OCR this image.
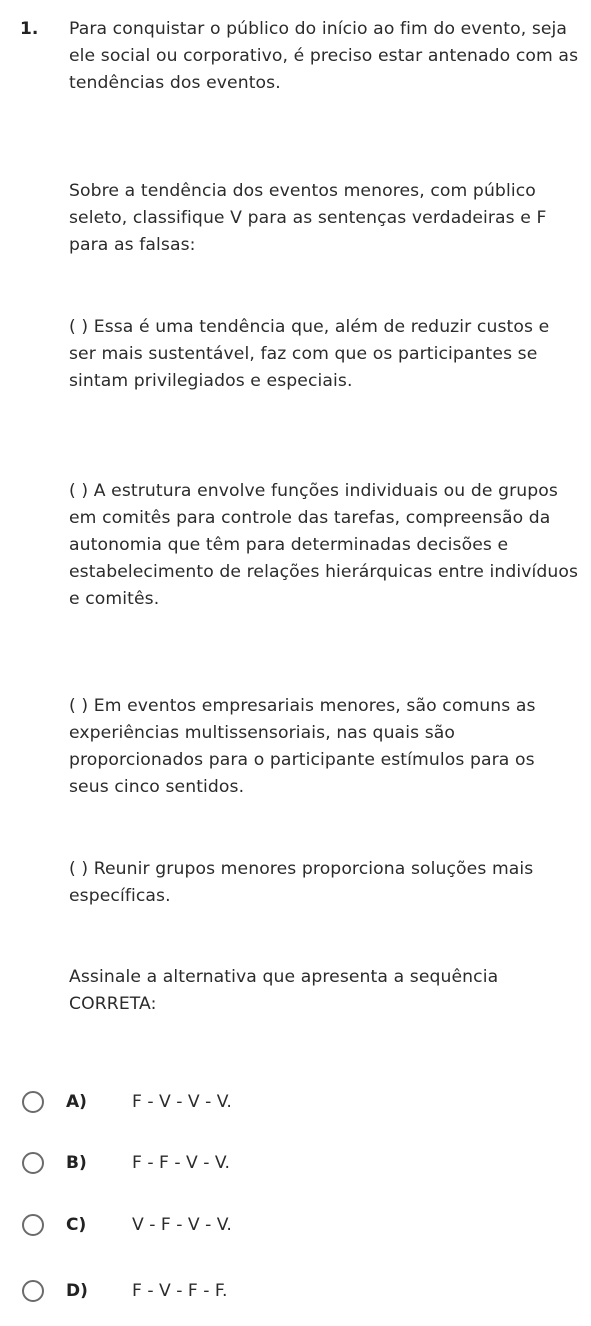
1. Para conquistar o público do início ao fim do evento, seja ele social ou corporativo, é preciso estar antenado com as tendências dos eventos.

Sobre a tendência dos eventos menores, com público seleto, classifique V para as sentenças verdadeiras e F para as falsas:

( ) Essa é uma tendência que, além de reduzir custos e ser mais sustentável, faz com que os participantes se sintam privilegiados e especiais.

( ) A estrutura envolve funções individuais ou de grupos em comitês para controle das tarefas, compreensão da autonomia que têm para determinadas decisões e estabelecimento de relações hierárquicas entre indivíduos e comitês.

( ) Em eventos empresariais menores, são comuns as experiências multissensoriais, nas quais são proporcionados para o participante estímulos para os seus cinco sentidos.

( ) Reunir grupos menores proporciona soluções mais específicas.

Assinale a alternativa que apresenta a sequência CORRETA:

A)	F - V - V - V.
B)	F - F - V - V.
C)	V - F - V - V.
D)	F - V - F - F.
